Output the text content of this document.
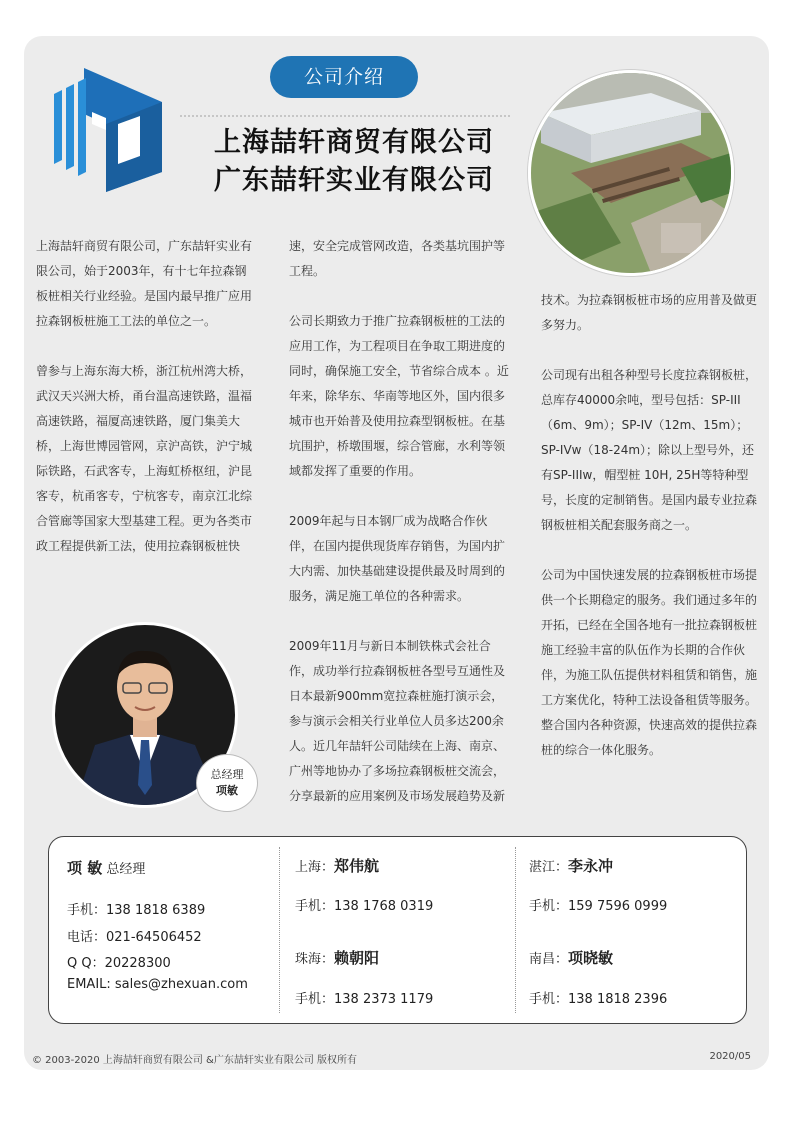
公司介绍
上海喆轩商贸有限公司
广东喆轩实业有限公司

上海喆轩商贸有限公司，广东喆轩实业有限公司，始于2003年，有十七年拉森钢板桩相关行业经验。是国内最早推广应用拉森钢板桩施工工法的单位之一。

曾参与上海东海大桥，浙江杭州湾大桥，武汉天兴洲大桥，甬台温高速铁路，温福高速铁路，福厦高速铁路，厦门集美大桥，上海世博园管网，京沪高铁，沪宁城际铁路，石武客专，上海虹桥枢纽，沪昆客专，杭甬客专，宁杭客专，南京江北综合管廊等国家大型基建工程。更为各类市政工程提供新工法，使用拉森钢板桩快

速，安全完成管网改造，各类基坑围护等工程。

公司长期致力于推广拉森钢板桩的工法的应用工作，为工程项目在争取工期进度的同时，确保施工安全，节省综合成本 。近年来，除华东、华南等地区外，国内很多城市也开始普及使用拉森型钢板桩。在基坑围护，桥墩围堰，综合管廊，水利等领域都发挥了重要的作用。

2009年起与日本钢厂成为战略合作伙伴，在国内提供现货库存销售，为国内扩大内需、加快基础建设提供最及时周到的服务，满足施工单位的各种需求。

2009年11月与新日本制铁株式会社合作，成功举行拉森钢板桩各型号互通性及日本最新900mm宽拉森桩施打演示会，参与演示会相关行业单位人员多达200余人。近几年喆轩公司陆续在上海、南京、广州等地协办了多场拉森钢板桩交流会，分享最新的应用案例及市场发展趋势及新

技术。为拉森钢板桩市场的应用普及做更多努力。

公司现有出租各种型号长度拉森钢板桩，总库存40000余吨，型号包括：SP-III（6m、9m）；SP-IV（12m、15m）；SP-IVw（18-24m）；除以上型号外，还有SP-IIIw，帽型桩 10H, 25H等特种型号，长度的定制销售。是国内最专业拉森钢板桩相关配套服务商之一。

公司为中国快速发展的拉森钢板桩市场提供一个长期稳定的服务。我们通过多年的开拓，已经在全国各地有一批拉森钢板桩施工经验丰富的队伍作为长期的合作伙伴，为施工队伍提供材料租赁和销售，施工方案优化，特种工法设备租赁等服务。整合国内各种资源，快速高效的提供拉森桩的综合一体化服务。

总经理
项敏
项 敏 总经理
手机：138 1818 6389
电话：021-64506452
Q Q：20228300
EMAIL: sales@zhexuan.com
上海：郑伟航
手机：138 1768 0319
珠海：赖朝阳
手机：138 2373 1179
湛江：李永冲
手机：159 7596 0999
南昌：项晓敏
手机：138 1818 2396
© 2003-2020 上海喆轩商贸有限公司 &广东喆轩实业有限公司 版权所有	2020/05
